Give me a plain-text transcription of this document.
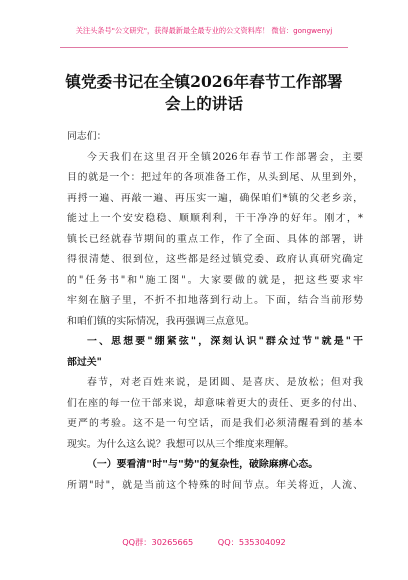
关注头条号"公文研究"，获得最新最全最专业的公文资料库！ 微信：gongwenyj
镇党委书记在全镇2026年春节工作部署
会上的讲话
同志们：
今天我们在这里召开全镇2026年春节工作部署会，主要
目的就是一个：把过年的各项准备工作，从头到尾、从里到外，
再捋一遍、再敲一遍、再压实一遍，确保咱们*镇的父老乡亲，
能过上一个安安稳稳、顺顺利利，干干净净的好年。刚才，*
镇长已经就春节期间的重点工作，作了全面、具体的部署，讲
得很清楚、很到位，这些都是经过镇党委、政府认真研究确定
的"任务书"和"施工图"。大家要做的就是，把这些要求牢
牢刻在脑子里，不折不扣地落到行动上。下面，结合当前形势
和咱们镇的实际情况，我再强调三点意见。
一、思想要"绷紧弦"，深刻认识"群众过节"就是"干
部过关"
春节，对老百姓来说，是团圆、是喜庆、是放松；但对我
们在座的每一位干部来说，却意味着更大的责任、更多的付出、
更严的考验。这不是一句空话，而是我们必须清醒看到的基本
现实。为什么这么说？我想可以从三个维度来理解。
（一）要看清"时"与"势"的复杂性，破除麻痹心态。
所谓"时"，就是当前这个特殊的时间节点。年关将近，人流、
QQ群：30265665	QQ：535304092
